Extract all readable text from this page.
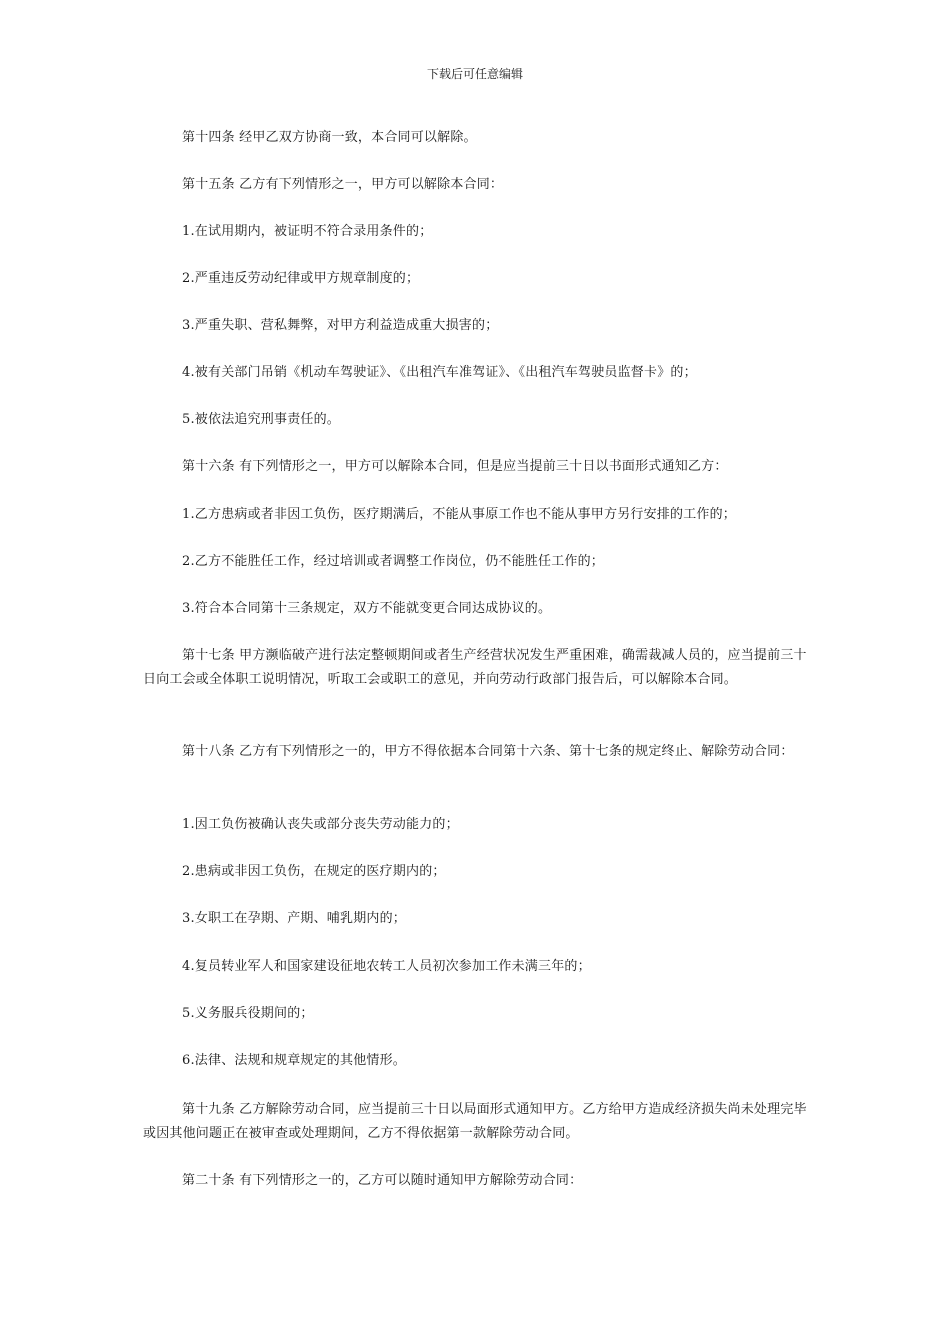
下载后可任意编辑
第十四条 经甲乙双方协商一致，本合同可以解除。
第十五条 乙方有下列情形之一，甲方可以解除本合同：
1.在试用期内，被证明不符合录用条件的；
2.严重违反劳动纪律或甲方规章制度的；
3.严重失职、营私舞弊，对甲方利益造成重大损害的；
4.被有关部门吊销《机动车驾驶证》、《出租汽车准驾证》、《出租汽车驾驶员监督卡》的；
5.被依法追究刑事责任的。
第十六条 有下列情形之一，甲方可以解除本合同，但是应当提前三十日以书面形式通知乙方：
1.乙方患病或者非因工负伤，医疗期满后，不能从事原工作也不能从事甲方另行安排的工作的；
2.乙方不能胜任工作，经过培训或者调整工作岗位，仍不能胜任工作的；
3.符合本合同第十三条规定，双方不能就变更合同达成协议的。
第十七条 甲方濒临破产进行法定整顿期间或者生产经营状况发生严重困难，确需裁减人员的，应当提前三十日向工会或全体职工说明情况，听取工会或职工的意见，并向劳动行政部门报告后，可以解除本合同。
第十八条 乙方有下列情形之一的，甲方不得依据本合同第十六条、第十七条的规定终止、解除劳动合同：
1.因工负伤被确认丧失或部分丧失劳动能力的；
2.患病或非因工负伤，在规定的医疗期内的；
3.女职工在孕期、产期、哺乳期内的；
4.复员转业军人和国家建设征地农转工人员初次参加工作未满三年的；
5.义务服兵役期间的；
6.法律、法规和规章规定的其他情形。
第十九条 乙方解除劳动合同，应当提前三十日以局面形式通知甲方。乙方给甲方造成经济损失尚未处理完毕或因其他问题正在被审查或处理期间，乙方不得依据第一款解除劳动合同。
第二十条 有下列情形之一的，乙方可以随时通知甲方解除劳动合同：
